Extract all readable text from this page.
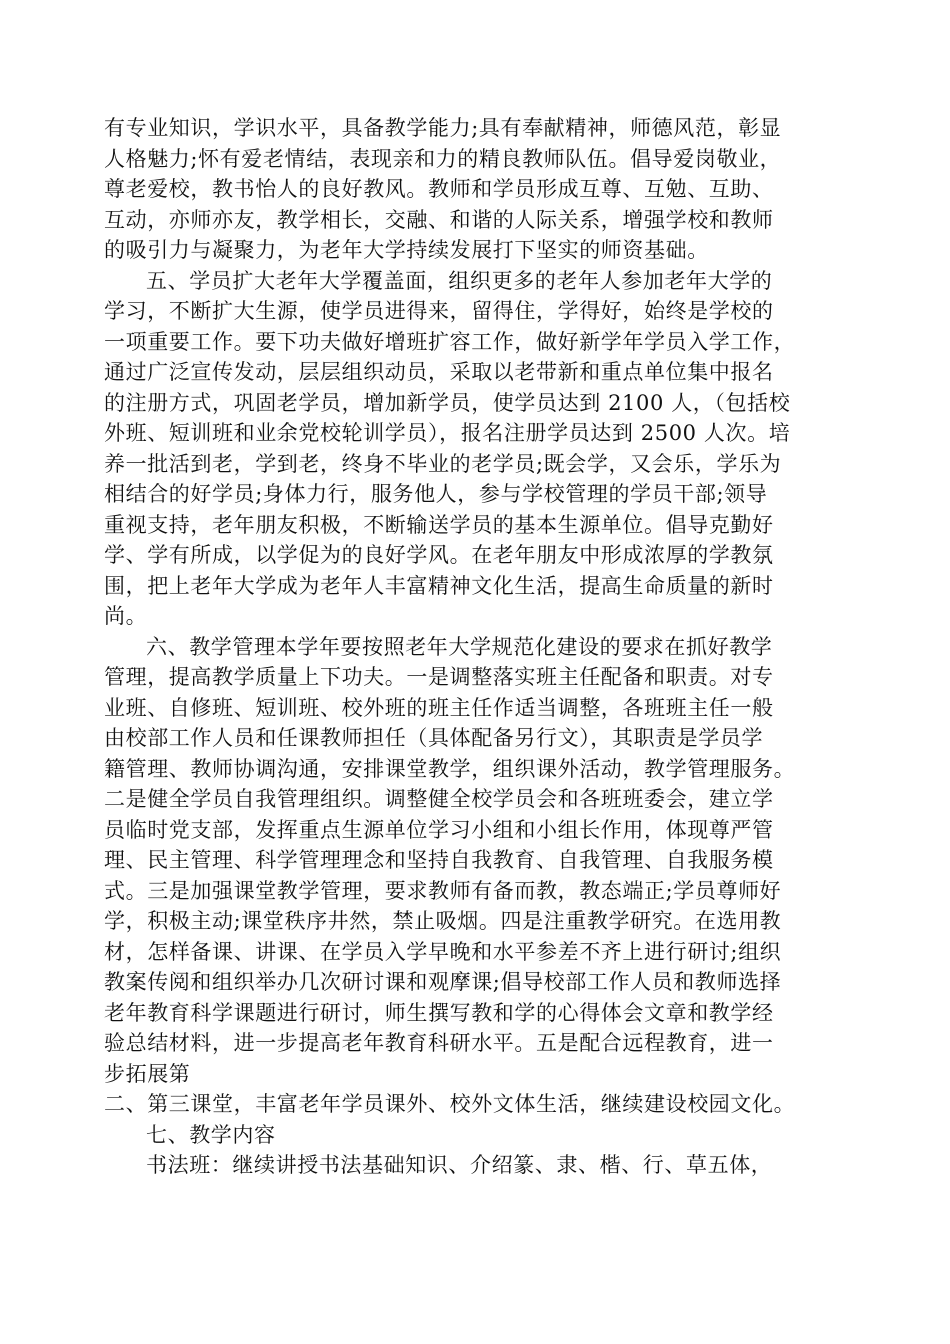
有专业知识，学识水平，具备教学能力;具有奉献精神，师德风范，彰显
人格魅力;怀有爱老情结，表现亲和力的精良教师队伍。倡导爱岗敬业，
尊老爱校，教书怡人的良好教风。教师和学员形成互尊、互勉、互助、
互动，亦师亦友，教学相长，交融、和谐的人际关系，增强学校和教师
的吸引力与凝聚力，为老年大学持续发展打下坚实的师资基础。
五、学员扩大老年大学覆盖面，组织更多的老年人参加老年大学的
学习，不断扩大生源，使学员进得来，留得住，学得好，始终是学校的
一项重要工作。要下功夫做好增班扩容工作，做好新学年学员入学工作，
通过广泛宣传发动，层层组织动员，采取以老带新和重点单位集中报名
的注册方式，巩固老学员，增加新学员，使学员达到 2100 人，（包括校
外班、短训班和业余党校轮训学员），报名注册学员达到 2500 人次。培
养一批活到老，学到老，终身不毕业的老学员;既会学，又会乐，学乐为
相结合的好学员;身体力行，服务他人，参与学校管理的学员干部;领导
重视支持，老年朋友积极，不断输送学员的基本生源单位。倡导克勤好
学、学有所成，以学促为的良好学风。在老年朋友中形成浓厚的学教氛
围，把上老年大学成为老年人丰富精神文化生活，提高生命质量的新时
尚。
六、教学管理本学年要按照老年大学规范化建设的要求在抓好教学
管理，提高教学质量上下功夫。一是调整落实班主任配备和职责。对专
业班、自修班、短训班、校外班的班主任作适当调整，各班班主任一般
由校部工作人员和任课教师担任（具体配备另行文），其职责是学员学
籍管理、教师协调沟通，安排课堂教学，组织课外活动，教学管理服务。
二是健全学员自我管理组织。调整健全校学员会和各班班委会，建立学
员临时党支部，发挥重点生源单位学习小组和小组长作用，体现尊严管
理、民主管理、科学管理理念和坚持自我教育、自我管理、自我服务模
式。三是加强课堂教学管理，要求教师有备而教，教态端正;学员尊师好
学，积极主动;课堂秩序井然，禁止吸烟。四是注重教学研究。在选用教
材，怎样备课、讲课、在学员入学早晚和水平参差不齐上进行研讨;组织
教案传阅和组织举办几次研讨课和观摩课;倡导校部工作人员和教师选择
老年教育科学课题进行研讨，师生撰写教和学的心得体会文章和教学经
验总结材料，进一步提高老年教育科研水平。五是配合远程教育，进一
步拓展第
二、第三课堂，丰富老年学员课外、校外文体生活，继续建设校园文化。
七、教学内容
书法班：继续讲授书法基础知识、介绍篆、隶、楷、行、草五体，
